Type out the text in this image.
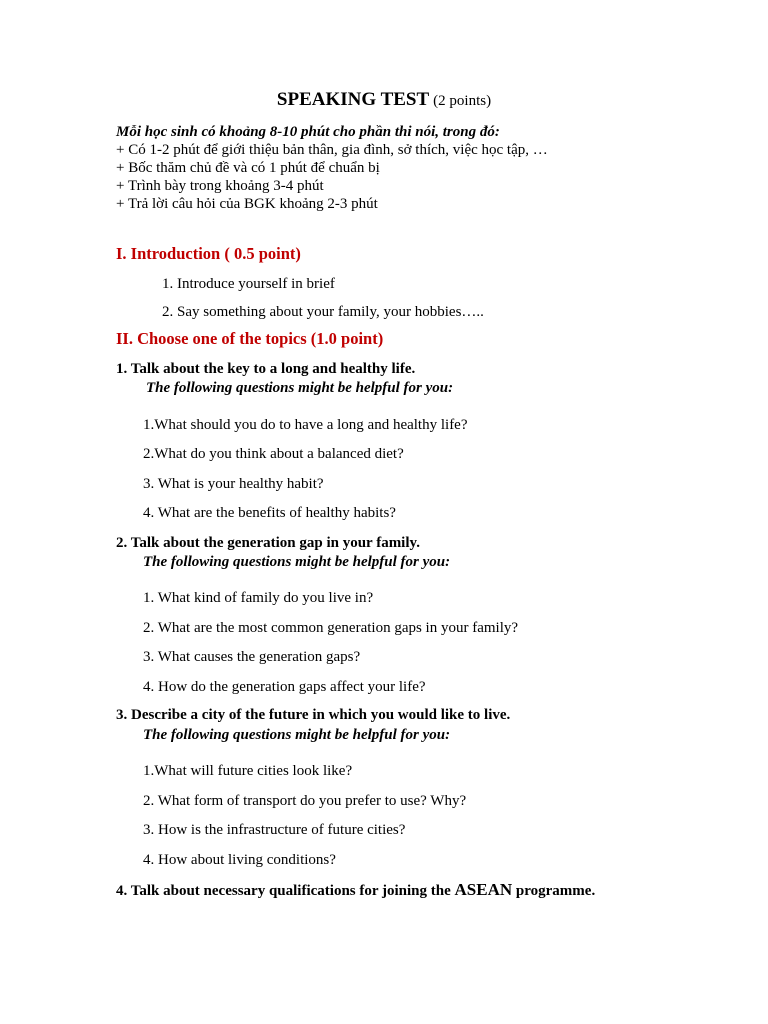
SPEAKING TEST (2 points)
Mỗi học sinh có khoảng 8-10 phút cho phần thi nói, trong đó:
+ Có 1-2 phút để giới thiệu bản thân, gia đình, sở thích, việc học tập, …
+ Bốc thăm chủ đề và có 1 phút để chuẩn bị
+ Trình bày trong khoảng 3-4 phút
+ Trả lời câu hỏi của BGK khoảng 2-3 phút
I. Introduction ( 0.5 point)
1. Introduce yourself in brief
2. Say something about your family, your hobbies…..
II. Choose one of the topics (1.0 point)
1. Talk about the key to a long and healthy life.
The following questions might be helpful for you:
1.What should you do to have a long and healthy life?
2.What do you think about a balanced diet?
3. What is your healthy habit?
4. What are the benefits of healthy habits?
2. Talk about the generation gap in your family.
The following questions might be helpful for you:
1. What kind of family do you live in?
2. What are the most common generation gaps in your family?
3. What causes the generation gaps?
4. How do the generation gaps affect your life?
3. Describe a city of the future in which you would like to live.
The following questions might be helpful for you:
1.What will future cities look like?
2. What form of transport do you prefer to use? Why?
3. How is the infrastructure of future cities?
4. How about living conditions?
4. Talk about necessary qualifications for joining the ASEAN programme.
